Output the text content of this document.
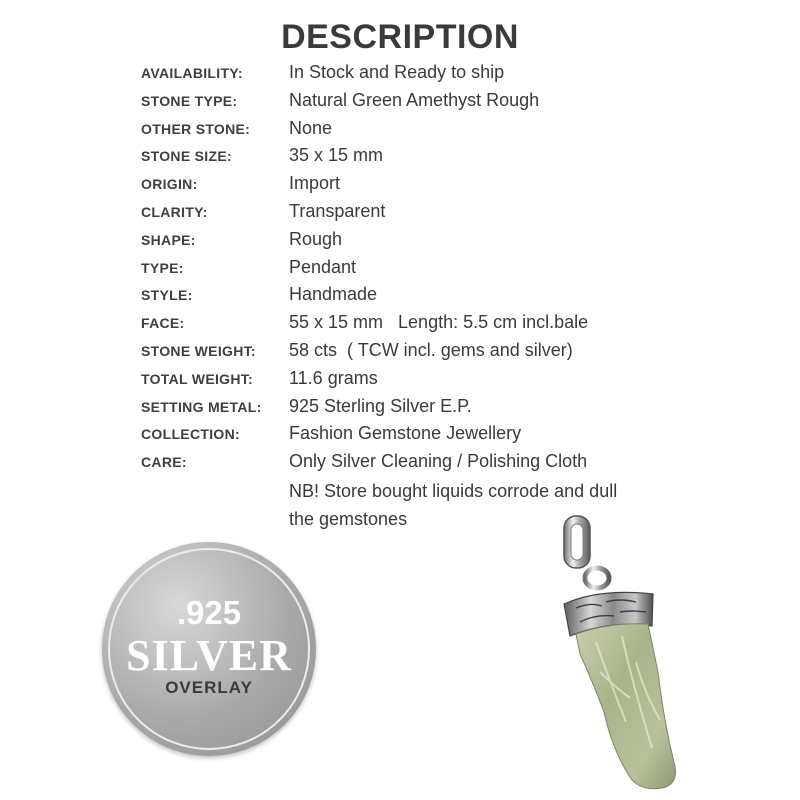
DESCRIPTION
AVAILABILITY:	In Stock and Ready to ship
STONE TYPE:	Natural Green Amethyst Rough
OTHER STONE:	None
STONE SIZE:	35 x 15 mm
ORIGIN:	Import
CLARITY:	Transparent
SHAPE:	Rough
TYPE:	Pendant
STYLE:	Handmade
FACE:	55 x 15 mm   Length: 5.5 cm incl.bale
STONE WEIGHT:	58 cts  ( TCW incl. gems and silver)
TOTAL WEIGHT:	11.6 grams
SETTING METAL:	925 Sterling Silver E.P.
COLLECTION:	Fashion Gemstone Jewellery
CARE:	Only Silver Cleaning / Polishing Cloth
NB! Store bought liquids corrode and dull
the gemstones
.925
SILVER
OVERLAY
